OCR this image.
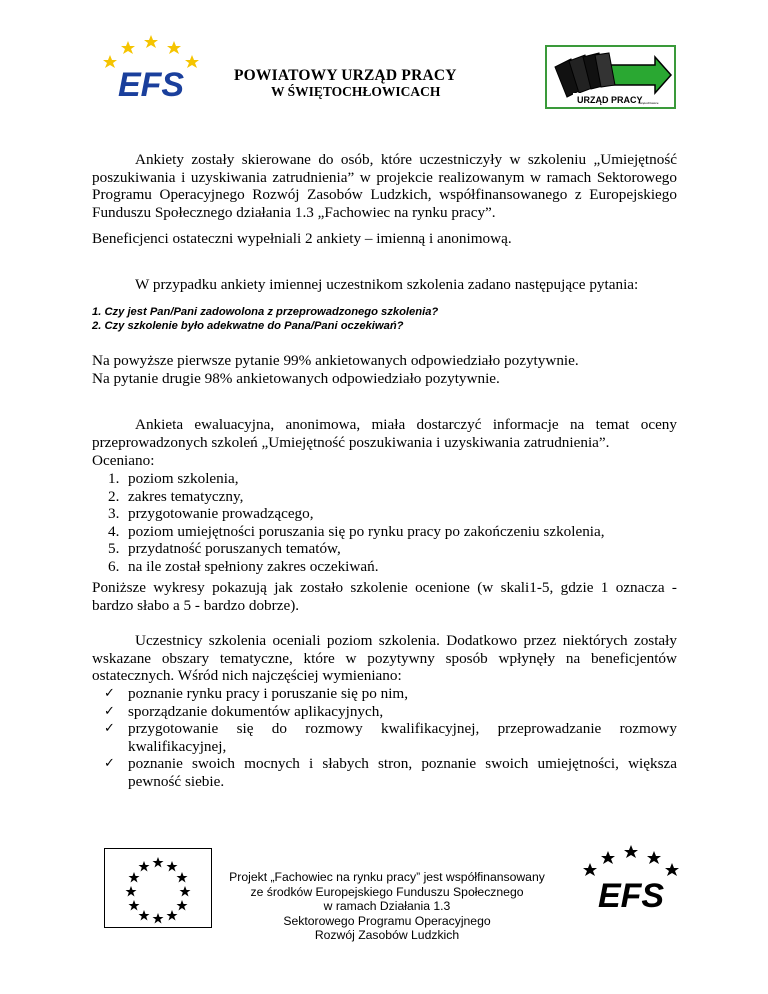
EFS	POWIATOWY URZĄD PRACY
W ŚWIĘTOCHŁOWICACH
URZĄD PRACY
Świętochłowice
Ankiety zostały skierowane do osób, które uczestniczyły w szkoleniu „Umiejętność poszukiwania i uzyskiwania zatrudnienia” w projekcie realizowanym w ramach Sektorowego Programu Operacyjnego Rozwój Zasobów Ludzkich, współfinansowanego z Europejskiego Funduszu Społecznego działania 1.3 „Fachowiec na rynku pracy”.
Beneficjenci ostateczni wypełniali 2 ankiety – imienną i anonimową.
W przypadku ankiety imiennej uczestnikom szkolenia zadano następujące pytania:
1. Czy jest Pan/Pani zadowolona z przeprowadzonego szkolenia?
2. Czy szkolenie było adekwatne do Pana/Pani oczekiwań?
Na powyższe pierwsze pytanie 99% ankietowanych odpowiedziało pozytywnie.
Na pytanie drugie 98% ankietowanych odpowiedziało pozytywnie.
Ankieta ewaluacyjna, anonimowa, miała dostarczyć informacje na temat oceny przeprowadzonych szkoleń „Umiejętność poszukiwania i uzyskiwania zatrudnienia”.
Oceniano:
1. poziom szkolenia,
2. zakres tematyczny,
3. przygotowanie prowadzącego,
4. poziom umiejętności poruszania się po rynku pracy po zakończeniu szkolenia,
5. przydatność poruszanych tematów,
6. na ile został spełniony zakres oczekiwań.
Poniższe wykresy pokazują jak zostało szkolenie ocenione (w skali1-5, gdzie 1 oznacza - bardzo słabo a 5 - bardzo dobrze).
Uczestnicy szkolenia oceniali poziom szkolenia. Dodatkowo przez niektórych zostały wskazane obszary tematyczne, które w pozytywny sposób wpłynęły na beneficjentów ostatecznych. Wśród nich najczęściej wymieniano:
✓ poznanie rynku pracy i poruszanie się po nim,
✓ sporządzanie dokumentów aplikacyjnych,
✓ przygotowanie się do rozmowy kwalifikacyjnej, przeprowadzanie rozmowy kwalifikacyjnej,
✓ poznanie swoich mocnych i słabych stron, poznanie swoich umiejętności, większa pewność siebie.
Projekt „Fachowiec na rynku pracy” jest współfinansowany
ze środków Europejskiego Funduszu Społecznego
w ramach Działania 1.3
Sektorowego Programu Operacyjnego
Rozwój Zasobów Ludzkich
EFS
